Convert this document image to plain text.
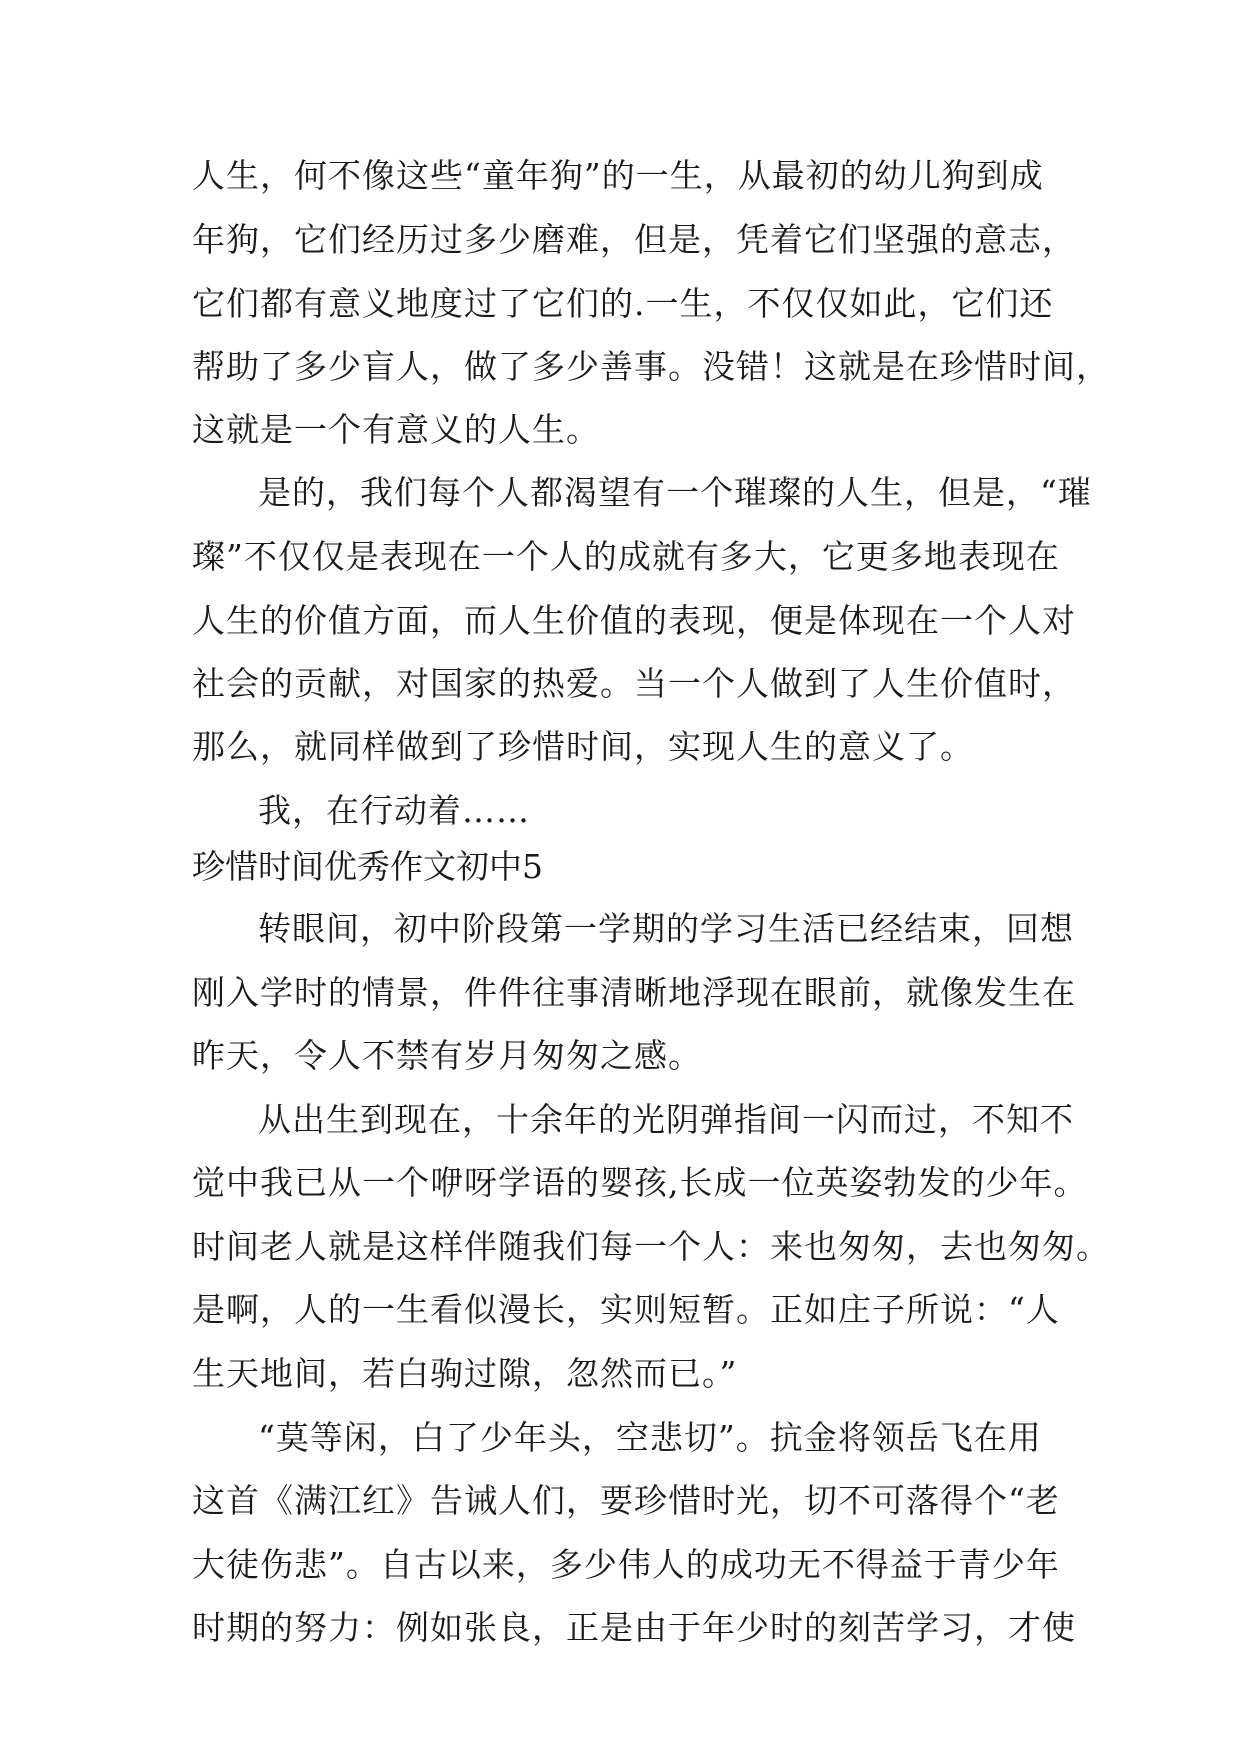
人生，何不像这些“童年狗”的一生，从最初的幼儿狗到成
年狗，它们经历过多少磨难，但是，凭着它们坚强的意志，
它们都有意义地度过了它们的.一生，不仅仅如此，它们还
帮助了多少盲人，做了多少善事。没错！这就是在珍惜时间，
这就是一个有意义的人生。
是的，我们每个人都渴望有一个璀璨的人生，但是，“璀
璨”不仅仅是表现在一个人的成就有多大，它更多地表现在
人生的价值方面，而人生价值的表现，便是体现在一个人对
社会的贡献，对国家的热爱。当一个人做到了人生价值时，
那么，就同样做到了珍惜时间，实现人生的意义了。
我，在行动着……
珍惜时间优秀作文初中5
转眼间，初中阶段第一学期的学习生活已经结束，回想
刚入学时的情景，件件往事清晰地浮现在眼前，就像发生在
昨天，令人不禁有岁月匆匆之感。
从出生到现在，十余年的光阴弹指间一闪而过，不知不
觉中我已从一个咿呀学语的婴孩,长成一位英姿勃发的少年。
时间老人就是这样伴随我们每一个人：来也匆匆，去也匆匆。
是啊，人的一生看似漫长，实则短暂。正如庄子所说：“人
生天地间，若白驹过隙，忽然而已。”
“莫等闲，白了少年头，空悲切”。抗金将领岳飞在用
这首《满江红》告诫人们，要珍惜时光，切不可落得个“老
大徒伤悲”。自古以来，多少伟人的成功无不得益于青少年
时期的努力：例如张良，正是由于年少时的刻苦学习，才使
